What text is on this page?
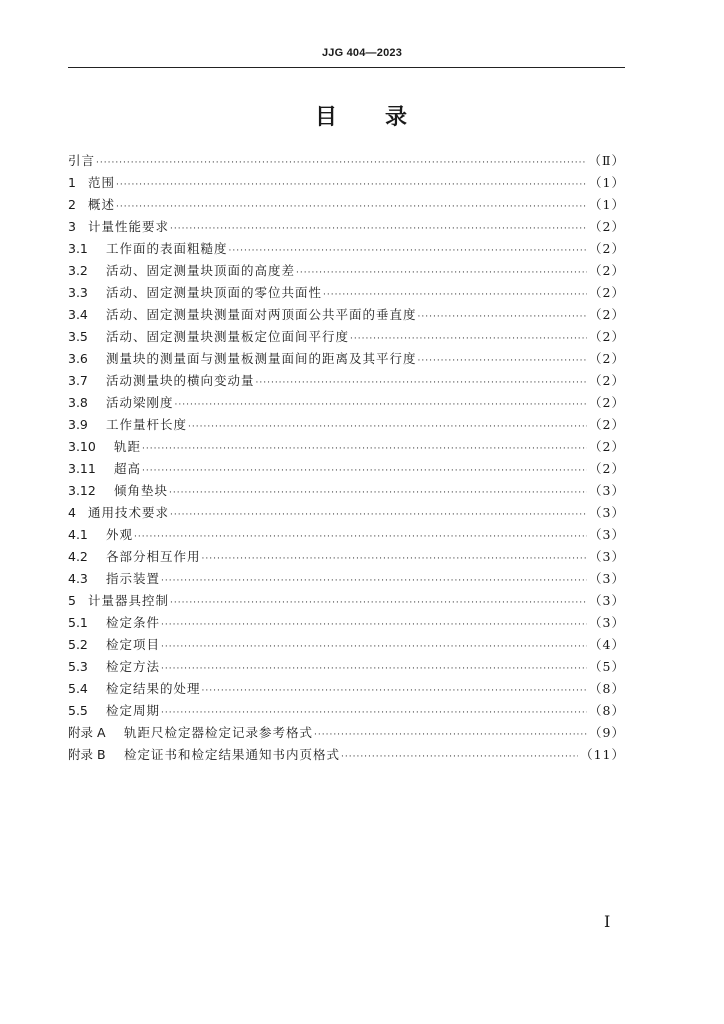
JJG 404—2023
目 录
引言 ·····	（Ⅱ）
1 范围 ·····	（1）
2 概述 ·····	（1）
3 计量性能要求 ·····	（2）
3.1	工作面的表面粗糙度 ·····	（2）
3.2	活动、固定测量块顶面的高度差 ·····	（2）
3.3	活动、固定测量块顶面的零位共面性 ·····	（2）
3.4	活动、固定测量块测量面对两顶面公共平面的垂直度 ·····	（2）
3.5	活动、固定测量块测量板定位面间平行度 ·····	（2）
3.6	测量块的测量面与测量板测量面间的距离及其平行度 ·····	（2）
3.7	活动测量块的横向变动量 ·····	（2）
3.8	活动梁刚度 ·····	（2）
3.9	工作量杆长度 ·····	（2）
3.10	轨距 ·····	（2）
3.11	超高 ·····	（2）
3.12	倾角垫块 ·····	（3）
4 通用技术要求 ·····	（3）
4.1	外观 ·····	（3）
4.2	各部分相互作用 ·····	（3）
4.3	指示装置 ·····	（3）
5 计量器具控制 ·····	（3）
5.1	检定条件 ·····	（3）
5.2	检定项目 ·····	（4）
5.3	检定方法 ·····	（5）
5.4	检定结果的处理 ·····	（8）
5.5	检定周期 ·····	（8）
附录 A	轨距尺检定器检定记录参考格式 ·····	（9）
附录 B	检定证书和检定结果通知书内页格式 ·····	（11）
I
